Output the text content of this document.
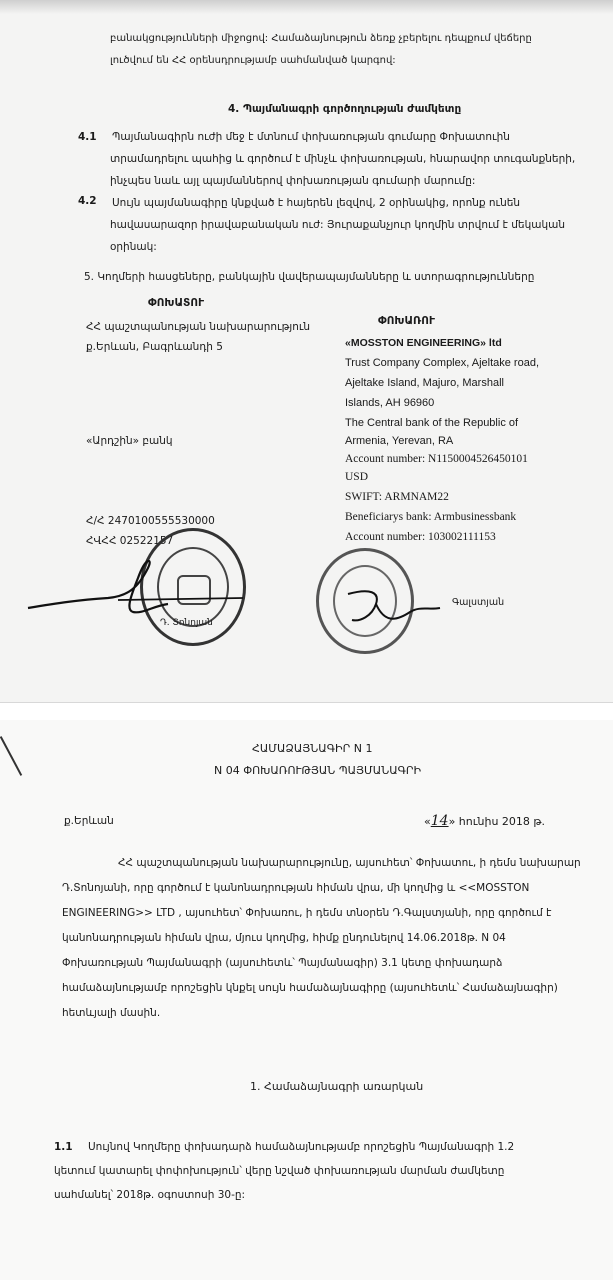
բանակցությունների միջոցով: Համաձայնություն ձեռք չբերելու դեպքում վեճերը
լուծվում են ՀՀ օրենսդրությամբ սահմանված կարգով:
4. Պայմանագրի գործողության ժամկետը
4.1 Պայմանագիրն ուժի մեջ է մտնում փոխառության գումարը Փոխատուին
տրամադրելու պահից և գործում է մինչև փոխառության, հնարավոր տուգանքների,
ինչպես նաև այլ պայմաններով փոխառության գումարի մարումը:
4.2 Սույն պայմանագիրը կնքված է հայերեն լեզվով, 2 օրինակից, որոնք ունեն
հավասարազոր իրավաբանական ուժ: Յուրաքանչյուր կողմին տրվում է մեկական
օրինակ:
5. Կողմերի հասցեները, բանկային վավերապայմանները և ստորագրությունները
ՓՈԽԱՏՈՒ
ՀՀ պաշտպանության նախարարություն
ք.Երևան, Բագրևանդի 5
«Արդշին» բանկ
Հ/Հ 2470100555530000
ՀՎՀՀ 02522157
ՓՈԽԱՌՈՒ
«MOSSTON ENGINEERING» ltd
Trust Company Complex, Ajeltake road,
Ajeltake Island, Majuro, Marshall
Islands, AH 96960
The Central bank of the Republic of
Armenia, Yerevan, RA
Account number: N1150004526450101
USD
SWIFT: ARMNAM22
Beneficiarys bank: Armbusinessbank
Account number: 103002111153
Դ. Տոնոյան
Գալստյան
ՀԱՄԱՁԱՅՆԱԳԻՐ N 1
N 04 ՓՈԽԱՌՈՒԹՅԱՆ ՊԱՅՄԱՆԱԳՐԻ
ք.Երևան	«14» հունիս 2018 թ.
ՀՀ պաշտպանության նախարարությունը, այսուհետ՝ Փոխատու, ի դեմս նախարար
Դ.Տոնոյանի, որը գործում է կանոնադրության հիման վրա, մի կողմից և <<MOSSTON
ENGINEERING>> LTD , այսուհետ՝ Փոխառու, ի դեմս տնօրեն Դ.Գալստյանի, որը գործում է
կանոնադրության հիման վրա, մյուս կողմից, հիմք ընդունելով 14.06.2018թ. N 04
Փոխառության Պայմանագրի (այսուհետև՝ Պայմանագիր) 3.1 կետը փոխադարձ
համաձայնությամբ որոշեցին կնքել սույն համաձայնագիրը (այսուհետև՝ Համաձայնագիր)
հետևյալի մասին.
1. Համաձայնագրի առարկան
1.1 Սույնով Կողմերը փոխադարձ համաձայնությամբ որոշեցին Պայմանագրի 1.2
կետում կատարել փոփոխություն՝ վերը նշված փոխառության մարման ժամկետը
սահմանել՝ 2018թ. օգոստոսի 30-ը:
